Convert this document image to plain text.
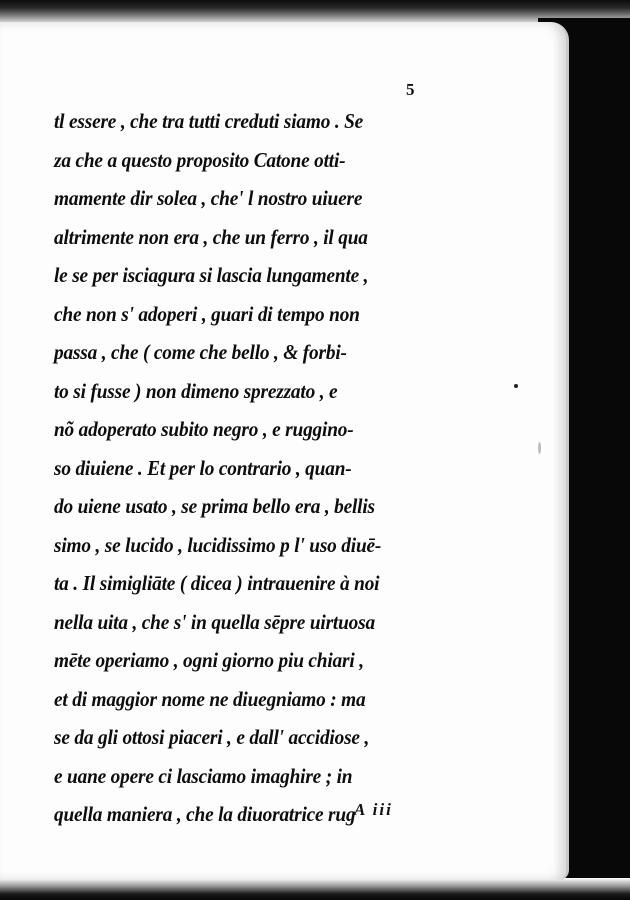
5
tl essere , che tra tutti creduti siamo . Se
za che a questo proposito Catone otti-
mamente dir solea , che' l nostro uiuere
altrimente non era , che un ferro , il qua
le se per isciagura si lascia lungamente ,
che non s' adoperi , guari di tempo non
passa , che ( come che bello , & forbi-
to si fusse ) non dimeno sprezzato , e
nõ adoperato subito negro , e ruggino-
so diuiene . Et per lo contrario , quan-
do uiene usato , se prima bello era , bellis
simo , se lucido , lucidissimo p l' uso diuē-
ta . Il simigliāte ( dicea ) intrauenire à noi
nella uita , che s' in quella sēpre uirtuosa
mēte operiamo , ogni giorno piu chiari ,
et di maggior nome ne diuegniamo : ma
se da gli ottosi piaceri , e dall' accidiose ,
e uane opere ci lasciamo imaghire ; in
quella maniera , che la diuoratrice rug
A iii
